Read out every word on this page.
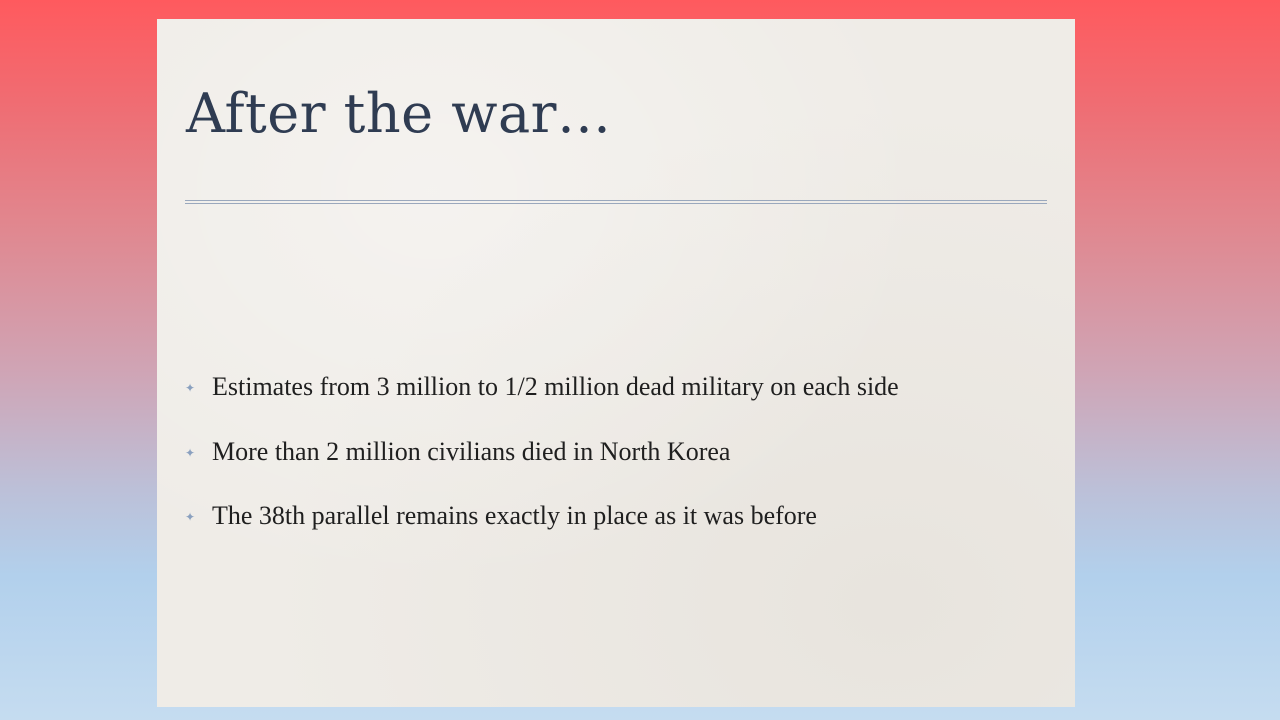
After the war…
✦ Estimates from 3 million to 1/2 million dead military on each side
✦ More than 2 million civilians died in North Korea
✦ The 38th parallel remains exactly in place as it was before
